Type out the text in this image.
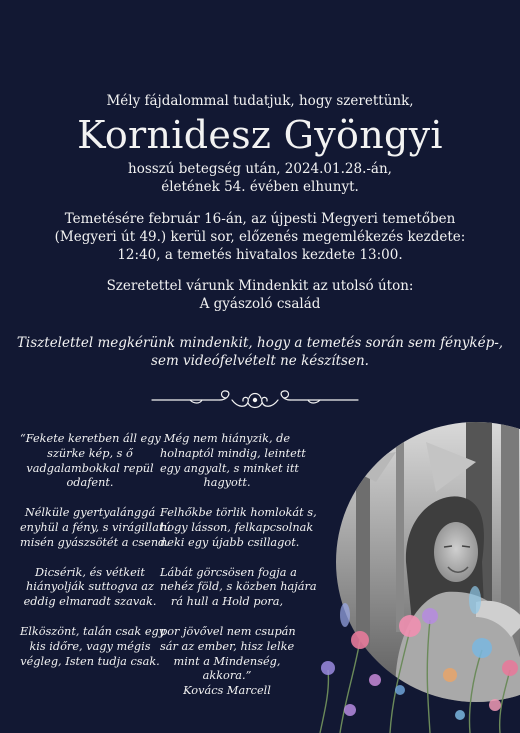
Mély fájdalommal tudatjuk, hogy szerettünk,
Kornidesz Gyöngyi
hosszú betegség után, 2024.01.28.-án,
életének 54. évében elhunyt.
Temetésére február 16-án, az újpesti Megyeri temetőben
(Megyeri út 49.) kerül sor, előzenés megemlékezés kezdete:
12:40, a temetés hivatalos kezdete 13:00.
Szeretettel várunk Mindenkit az utolsó úton:
A gyászoló család
Tisztelettel megkérünk mindenkit, hogy a temetés során sem fénykép-,
sem videófelvételt ne készítsen.
“Fekete keretben áll egy
szürke kép, s ő
vadgalambokkal repül
odafent.
Nélküle gyertyalánggá
enyhül a fény, s virágillatú
misén gyászsötét a csend.
Dicsérik, és vétkeit
hiányolják suttogva az
eddig elmaradt szavak.
Elköszönt, talán csak egy
kis időre, vagy mégis
végleg, Isten tudja csak.
Még nem hiányzik, de
holnaptól mindig, leintett
egy angyalt, s minket itt
hagyott.
Felhőkbe törlik homlokát s,
hogy lásson, felkapcsolnak
neki egy újabb csillagot.
Lábát görcsösen fogja a
nehéz föld, s közben hajára
rá hull a Hold pora,
por jövővel nem csupán
sár az ember, hisz lelke
mint a Mindenség,
akkora.”
Kovács Marcell
